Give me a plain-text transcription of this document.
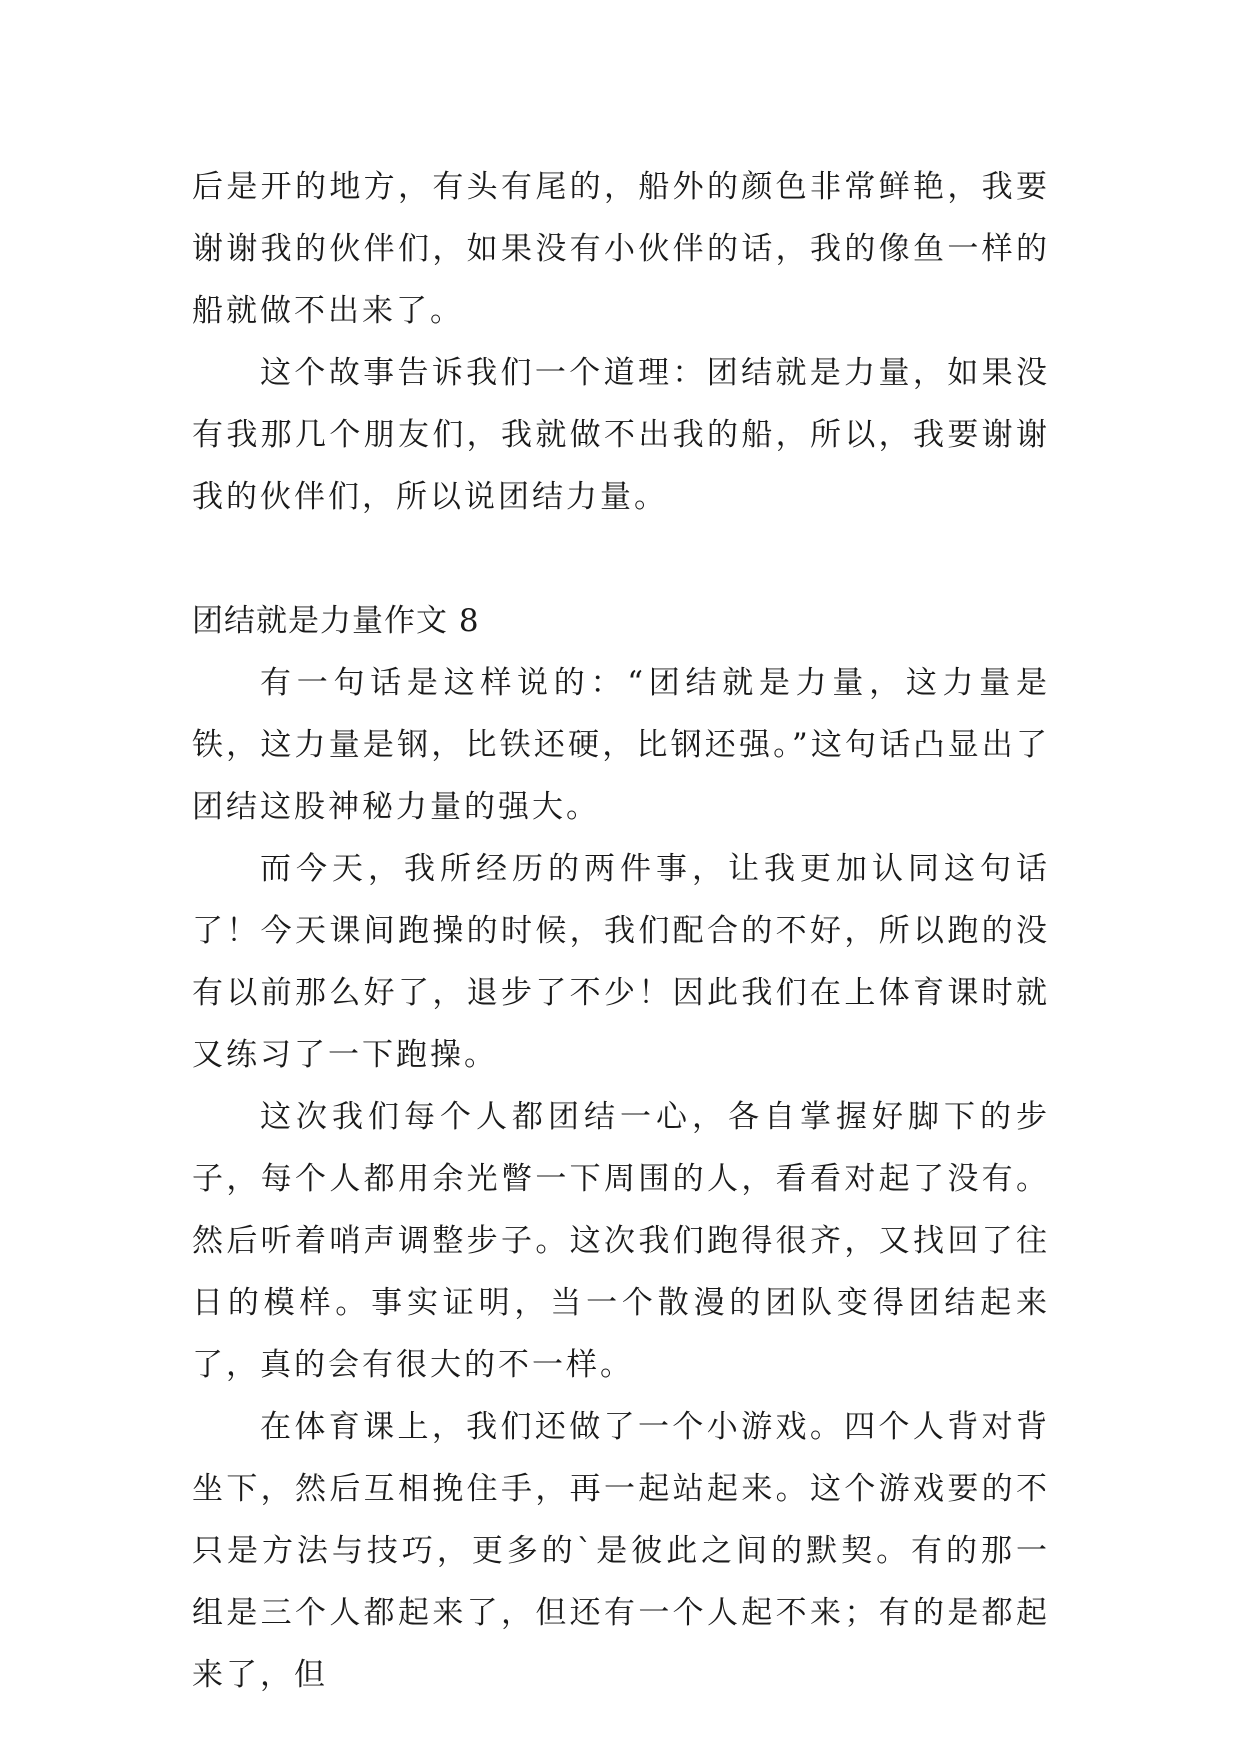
后是开的地方，有头有尾的，船外的颜色非常鲜艳，我要谢谢我的伙伴们，如果没有小伙伴的话，我的像鱼一样的船就做不出来了。

这个故事告诉我们一个道理：团结就是力量，如果没有我那几个朋友们，我就做不出我的船，所以，我要谢谢我的伙伴们，所以说团结力量。

团结就是力量作文 8

有一句话是这样说的：“团结就是力量，这力量是铁，这力量是钢，比铁还硬，比钢还强。”这句话凸显出了团结这股神秘力量的强大。

而今天，我所经历的两件事，让我更加认同这句话了！今天课间跑操的时候，我们配合的不好，所以跑的没有以前那么好了，退步了不少！因此我们在上体育课时就又练习了一下跑操。

这次我们每个人都团结一心，各自掌握好脚下的步子，每个人都用余光瞥一下周围的人，看看对起了没有。然后听着哨声调整步子。这次我们跑得很齐，又找回了往日的模样。事实证明，当一个散漫的团队变得团结起来了，真的会有很大的不一样。

在体育课上，我们还做了一个小游戏。四个人背对背坐下，然后互相挽住手，再一起站起来。这个游戏要的不只是方法与技巧，更多的`是彼此之间的默契。有的那一组是三个人都起来了，但还有一个人起不来；有的是都起来了，但
